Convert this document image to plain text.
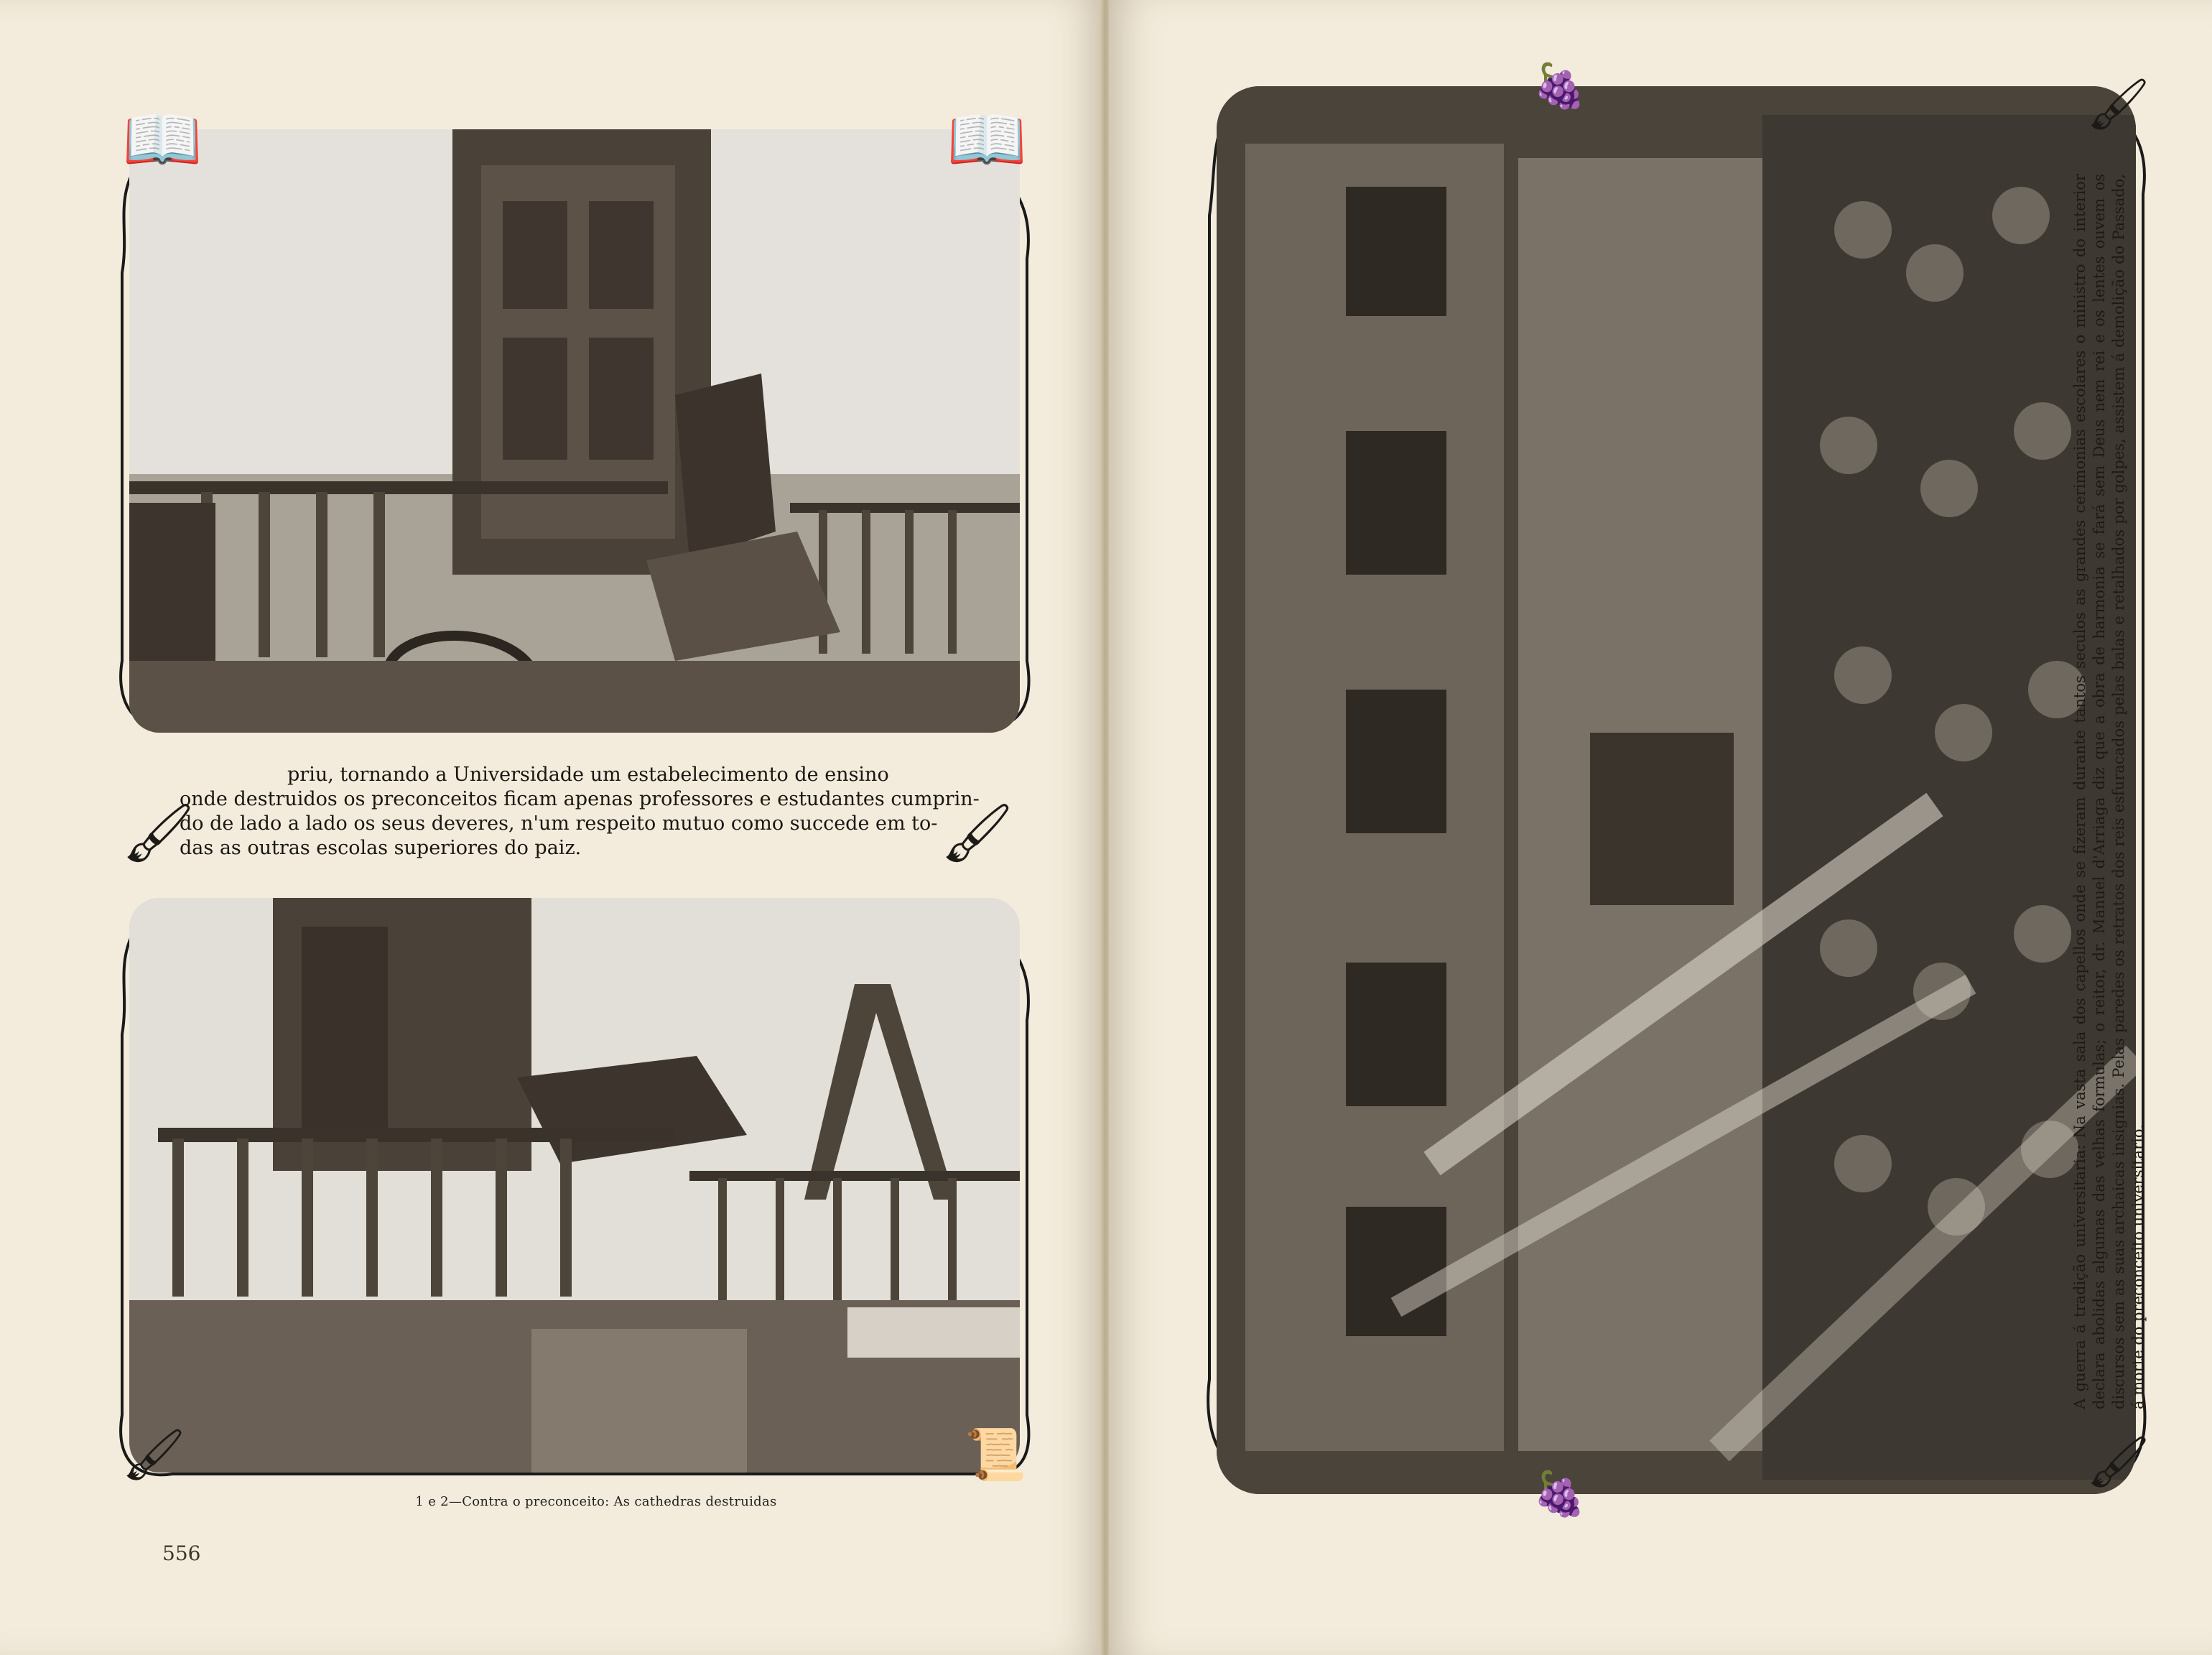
📖	📖

priu, tornando a Universidade um estabelecimento de ensino
onde destruidos os preconceitos ficam apenas professores e estudantes cumprin-
do de lado a lado os seus deveres, n'um respeito mutuo como succede em to-
das as outras escolas superiores do paiz.

🖌	🖌
🖌	📜
1 e 2—Contra o preconceito: As cathedras destruidas
556
🍇
🍇
🖌
🖌
A guerra á tradição universitaria: Na vasta sala dos capellos onde se fizeram durante tantos seculos as grandes cerimonias escolares o ministro do interior declara abolidas algumas das velhas formulas; o reitor, dr. Manuel d'Arriaga diz que a obra de harmonia se fará sem Deus nem rei e os lentes ouvem os discursos sem as suas archaicas insignias. Pelas paredes os retratos dos reis esfuracados pelas balas e retalhados por golpes, assistem á demolição do Passado, á morte do preconceito universitario.
